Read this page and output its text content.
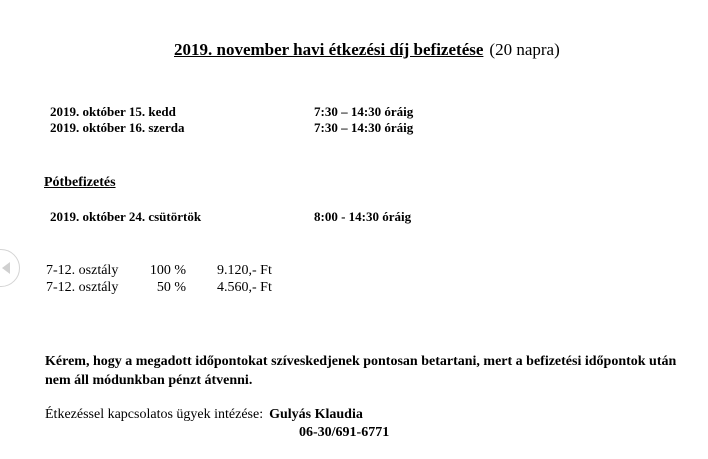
2019. november havi étkezési díj befizetése (20 napra)
2019. október 15. kedd	7:30 – 14:30 óráig
2019. október 16. szerda	7:30 – 14:30 óráig
Pótbefizetés
2019. október 24. csütörtök	8:00 - 14:30 óráig
7-12. osztály	100 % 9.120,- Ft
7-12. osztály	50 % 4.560,- Ft
Kérem, hogy a megadott időpontokat szíveskedjenek pontosan betartani, mert a befizetési időpontok után nem áll módunkban pénzt átvenni.
Étkezéssel kapcsolatos ügyek intézése: Gulyás Klaudia
06-30/691-6771
